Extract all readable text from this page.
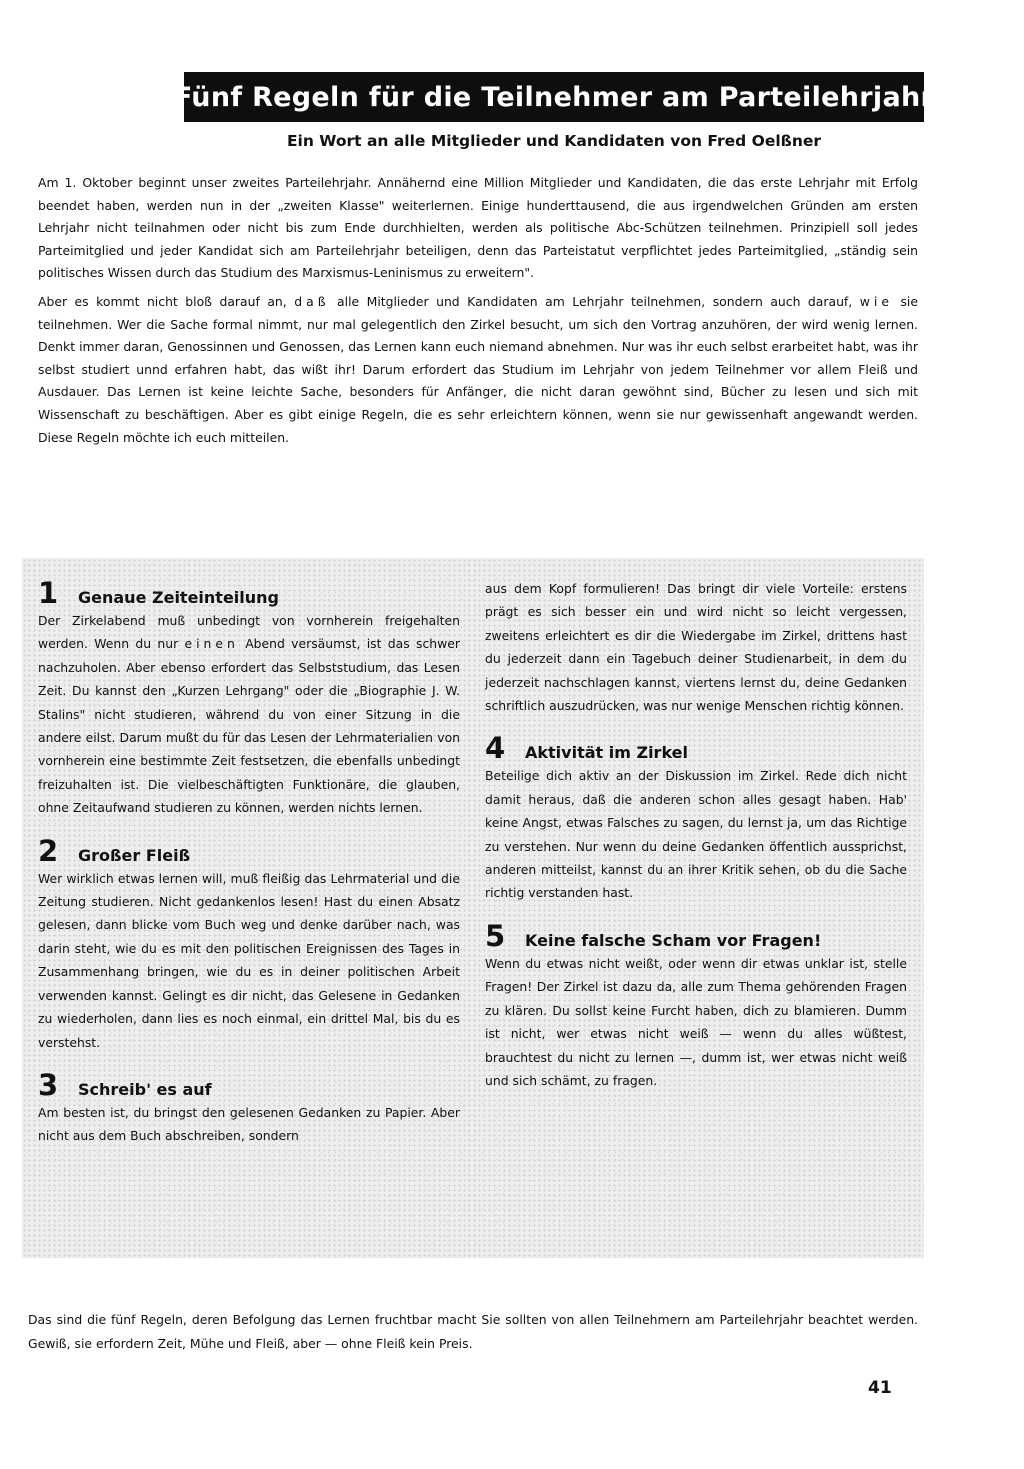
Fünf Regeln für die Teilnehmer am Parteilehrjahr

Ein Wort an alle Mitglieder und Kandidaten von Fred Oelßner

Am 1. Oktober beginnt unser zweites Parteilehrjahr. Annähernd eine Million Mitglieder und Kandidaten, die das erste Lehrjahr mit Erfolg beendet haben, werden nun in der „zweiten Klasse" weiterlernen. Einige hunderttausend, die aus irgendwelchen Gründen am ersten Lehrjahr nicht teilnahmen oder nicht bis zum Ende durchhielten, werden als politische Abc-Schützen teilnehmen. Prinzipiell soll jedes Parteimitglied und jeder Kandidat sich am Parteilehrjahr beteiligen, denn das Parteistatut verpflichtet jedes Parteimitglied, „ständig sein politisches Wissen durch das Studium des Marxismus-Leninismus zu erweitern".

Aber es kommt nicht bloß darauf an, daß alle Mitglieder und Kandidaten am Lehrjahr teilnehmen, sondern auch darauf, wie sie teilnehmen. Wer die Sache formal nimmt, nur mal gelegentlich den Zirkel besucht, um sich den Vortrag anzuhören, der wird wenig lernen. Denkt immer daran, Genossinnen und Genossen, das Lernen kann euch niemand abnehmen. Nur was ihr euch selbst erarbeitet habt, was ihr selbst studiert unnd erfahren habt, das wißt ihr! Darum erfordert das Studium im Lehrjahr von jedem Teilnehmer vor allem Fleiß und Ausdauer. Das Lernen ist keine leichte Sache, besonders für Anfänger, die nicht daran gewöhnt sind, Bücher zu lesen und sich mit Wissenschaft zu beschäftigen. Aber es gibt einige Regeln, die es sehr erleichtern können, wenn sie nur gewissenhaft angewandt werden. Diese Regeln möchte ich euch mitteilen.

1	Genaue Zeiteinteilung

Der Zirkelabend muß unbedingt von vornherein freigehalten werden. Wenn du nur einen Abend versäumst, ist das schwer nachzuholen. Aber ebenso erfordert das Selbststudium, das Lesen Zeit. Du kannst den „Kurzen Lehrgang" oder die „Biographie J. W. Stalins" nicht studieren, während du von einer Sitzung in die andere eilst. Darum mußt du für das Lesen der Lehrmaterialien von vornherein eine bestimmte Zeit festsetzen, die ebenfalls unbedingt freizuhalten ist. Die vielbeschäftigten Funktionäre, die glauben, ohne Zeitaufwand studieren zu können, werden nichts lernen.

2	Großer Fleiß

Wer wirklich etwas lernen will, muß fleißig das Lehrmaterial und die Zeitung studieren. Nicht gedankenlos lesen! Hast du einen Absatz gelesen, dann blicke vom Buch weg und denke darüber nach, was darin steht, wie du es mit den politischen Ereignissen des Tages in Zusammenhang bringen, wie du es in deiner politischen Arbeit verwenden kannst. Gelingt es dir nicht, das Gelesene in Gedanken zu wiederholen, dann lies es noch einmal, ein drittel Mal, bis du es verstehst.

3	Schreib' es auf

Am besten ist, du bringst den gelesenen Gedanken zu Papier. Aber nicht aus dem Buch abschreiben, sondern

aus dem Kopf formulieren! Das bringt dir viele Vorteile: erstens prägt es sich besser ein und wird nicht so leicht vergessen, zweitens erleichtert es dir die Wiedergabe im Zirkel, drittens hast du jederzeit dann ein Tagebuch deiner Studienarbeit, in dem du jederzeit nachschlagen kannst, viertens lernst du, deine Gedanken schriftlich auszudrücken, was nur wenige Menschen richtig können.

4	Aktivität im Zirkel

Beteilige dich aktiv an der Diskussion im Zirkel. Rede dich nicht damit heraus, daß die anderen schon alles gesagt haben. Hab' keine Angst, etwas Falsches zu sagen, du lernst ja, um das Richtige zu verstehen. Nur wenn du deine Gedanken öffentlich aussprichst, anderen mitteilst, kannst du an ihrer Kritik sehen, ob du die Sache richtig verstanden hast.

5	Keine falsche Scham vor Fragen!

Wenn du etwas nicht weißt, oder wenn dir etwas unklar ist, stelle Fragen! Der Zirkel ist dazu da, alle zum Thema gehörenden Fragen zu klären. Du sollst keine Furcht haben, dich zu blamieren. Dumm ist nicht, wer etwas nicht weiß — wenn du alles wüßtest, brauchtest du nicht zu lernen —, dumm ist, wer etwas nicht weiß und sich schämt, zu fragen.

Das sind die fünf Regeln, deren Befolgung das Lernen fruchtbar macht Sie sollten von allen Teilnehmern am Parteilehrjahr beachtet werden. Gewiß, sie erfordern Zeit, Mühe und Fleiß, aber — ohne Fleiß kein Preis.

41
